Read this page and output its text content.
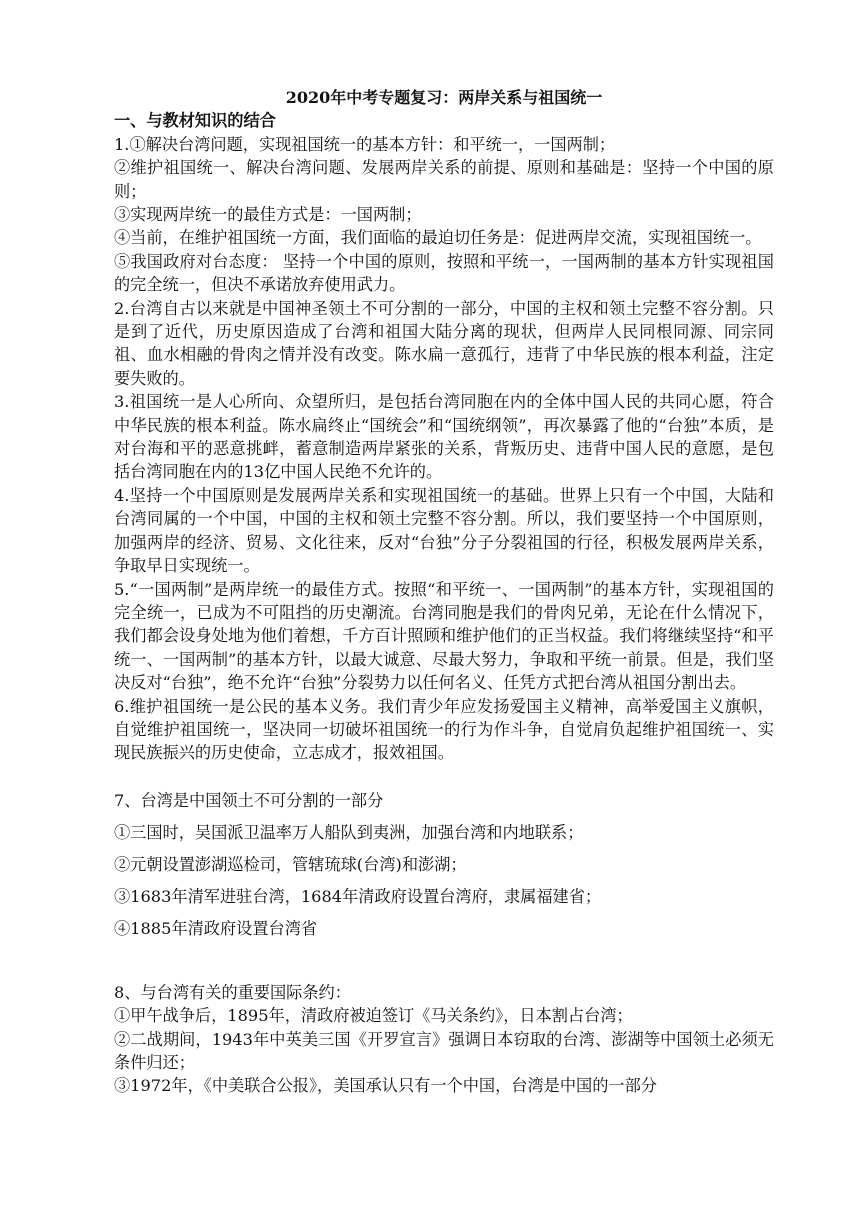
2020年中考专题复习：两岸关系与祖国统一

一、与教材知识的结合

1.①解决台湾问题，实现祖国统一的基本方针：和平统一，一国两制；

②维护祖国统一、解决台湾问题、发展两岸关系的前提、原则和基础是：坚持一个中国的原则；

③实现两岸统一的最佳方式是：一国两制；

④当前，在维护祖国统一方面，我们面临的最迫切任务是：促进两岸交流，实现祖国统一。

⑤我国政府对台态度： 坚持一个中国的原则，按照和平统一，一国两制的基本方针实现祖国的完全统一，但决不承诺放弃使用武力。

2.台湾自古以来就是中国神圣领土不可分割的一部分，中国的主权和领土完整不容分割。只是到了近代，历史原因造成了台湾和祖国大陆分离的现状，但两岸人民同根同源、同宗同祖、血水相融的骨肉之情并没有改变。陈水扁一意孤行，违背了中华民族的根本利益，注定要失败的。

3.祖国统一是人心所向、众望所归，是包括台湾同胞在内的全体中国人民的共同心愿，符合中华民族的根本利益。陈水扁终止“国统会”和“国统纲领”，再次暴露了他的“台独”本质，是对台海和平的恶意挑衅，蓄意制造两岸紧张的关系，背叛历史、违背中国人民的意愿，是包括台湾同胞在内的13亿中国人民绝不允许的。

4.坚持一个中国原则是发展两岸关系和实现祖国统一的基础。世界上只有一个中国，大陆和台湾同属的一个中国，中国的主权和领土完整不容分割。所以，我们要坚持一个中国原则，加强两岸的经济、贸易、文化往来，反对“台独”分子分裂祖国的行径，积极发展两岸关系，争取早日实现统一。

5.“一国两制”是两岸统一的最佳方式。按照“和平统一、一国两制”的基本方针，实现祖国的完全统一，已成为不可阻挡的历史潮流。台湾同胞是我们的骨肉兄弟，无论在什么情况下，我们都会设身处地为他们着想，千方百计照顾和维护他们的正当权益。我们将继续坚持“和平统一、一国两制”的基本方针，以最大诚意、尽最大努力，争取和平统一前景。但是，我们坚决反对“台独”，绝不允许“台独”分裂势力以任何名义、任凭方式把台湾从祖国分割出去。

6.维护祖国统一是公民的基本义务。我们青少年应发扬爱国主义精神，高举爱国主义旗帜，自觉维护祖国统一，坚决同一切破坏祖国统一的行为作斗争，自觉肩负起维护祖国统一、实现民族振兴的历史使命，立志成才，报效祖国。

7、台湾是中国领土不可分割的一部分

①三国时，吴国派卫温率万人船队到夷洲，加强台湾和内地联系；

②元朝设置澎湖巡检司，管辖琉球(台湾)和澎湖；

③1683年清军进驻台湾，1684年清政府设置台湾府，隶属福建省；

④1885年清政府设置台湾省

8、与台湾有关的重要国际条约：

①甲午战争后，1895年，清政府被迫签订《马关条约》，日本割占台湾；

②二战期间，1943年中英美三国《开罗宣言》强调日本窃取的台湾、澎湖等中国领土必须无条件归还；

③1972年，《中美联合公报》，美国承认只有一个中国，台湾是中国的一部分
